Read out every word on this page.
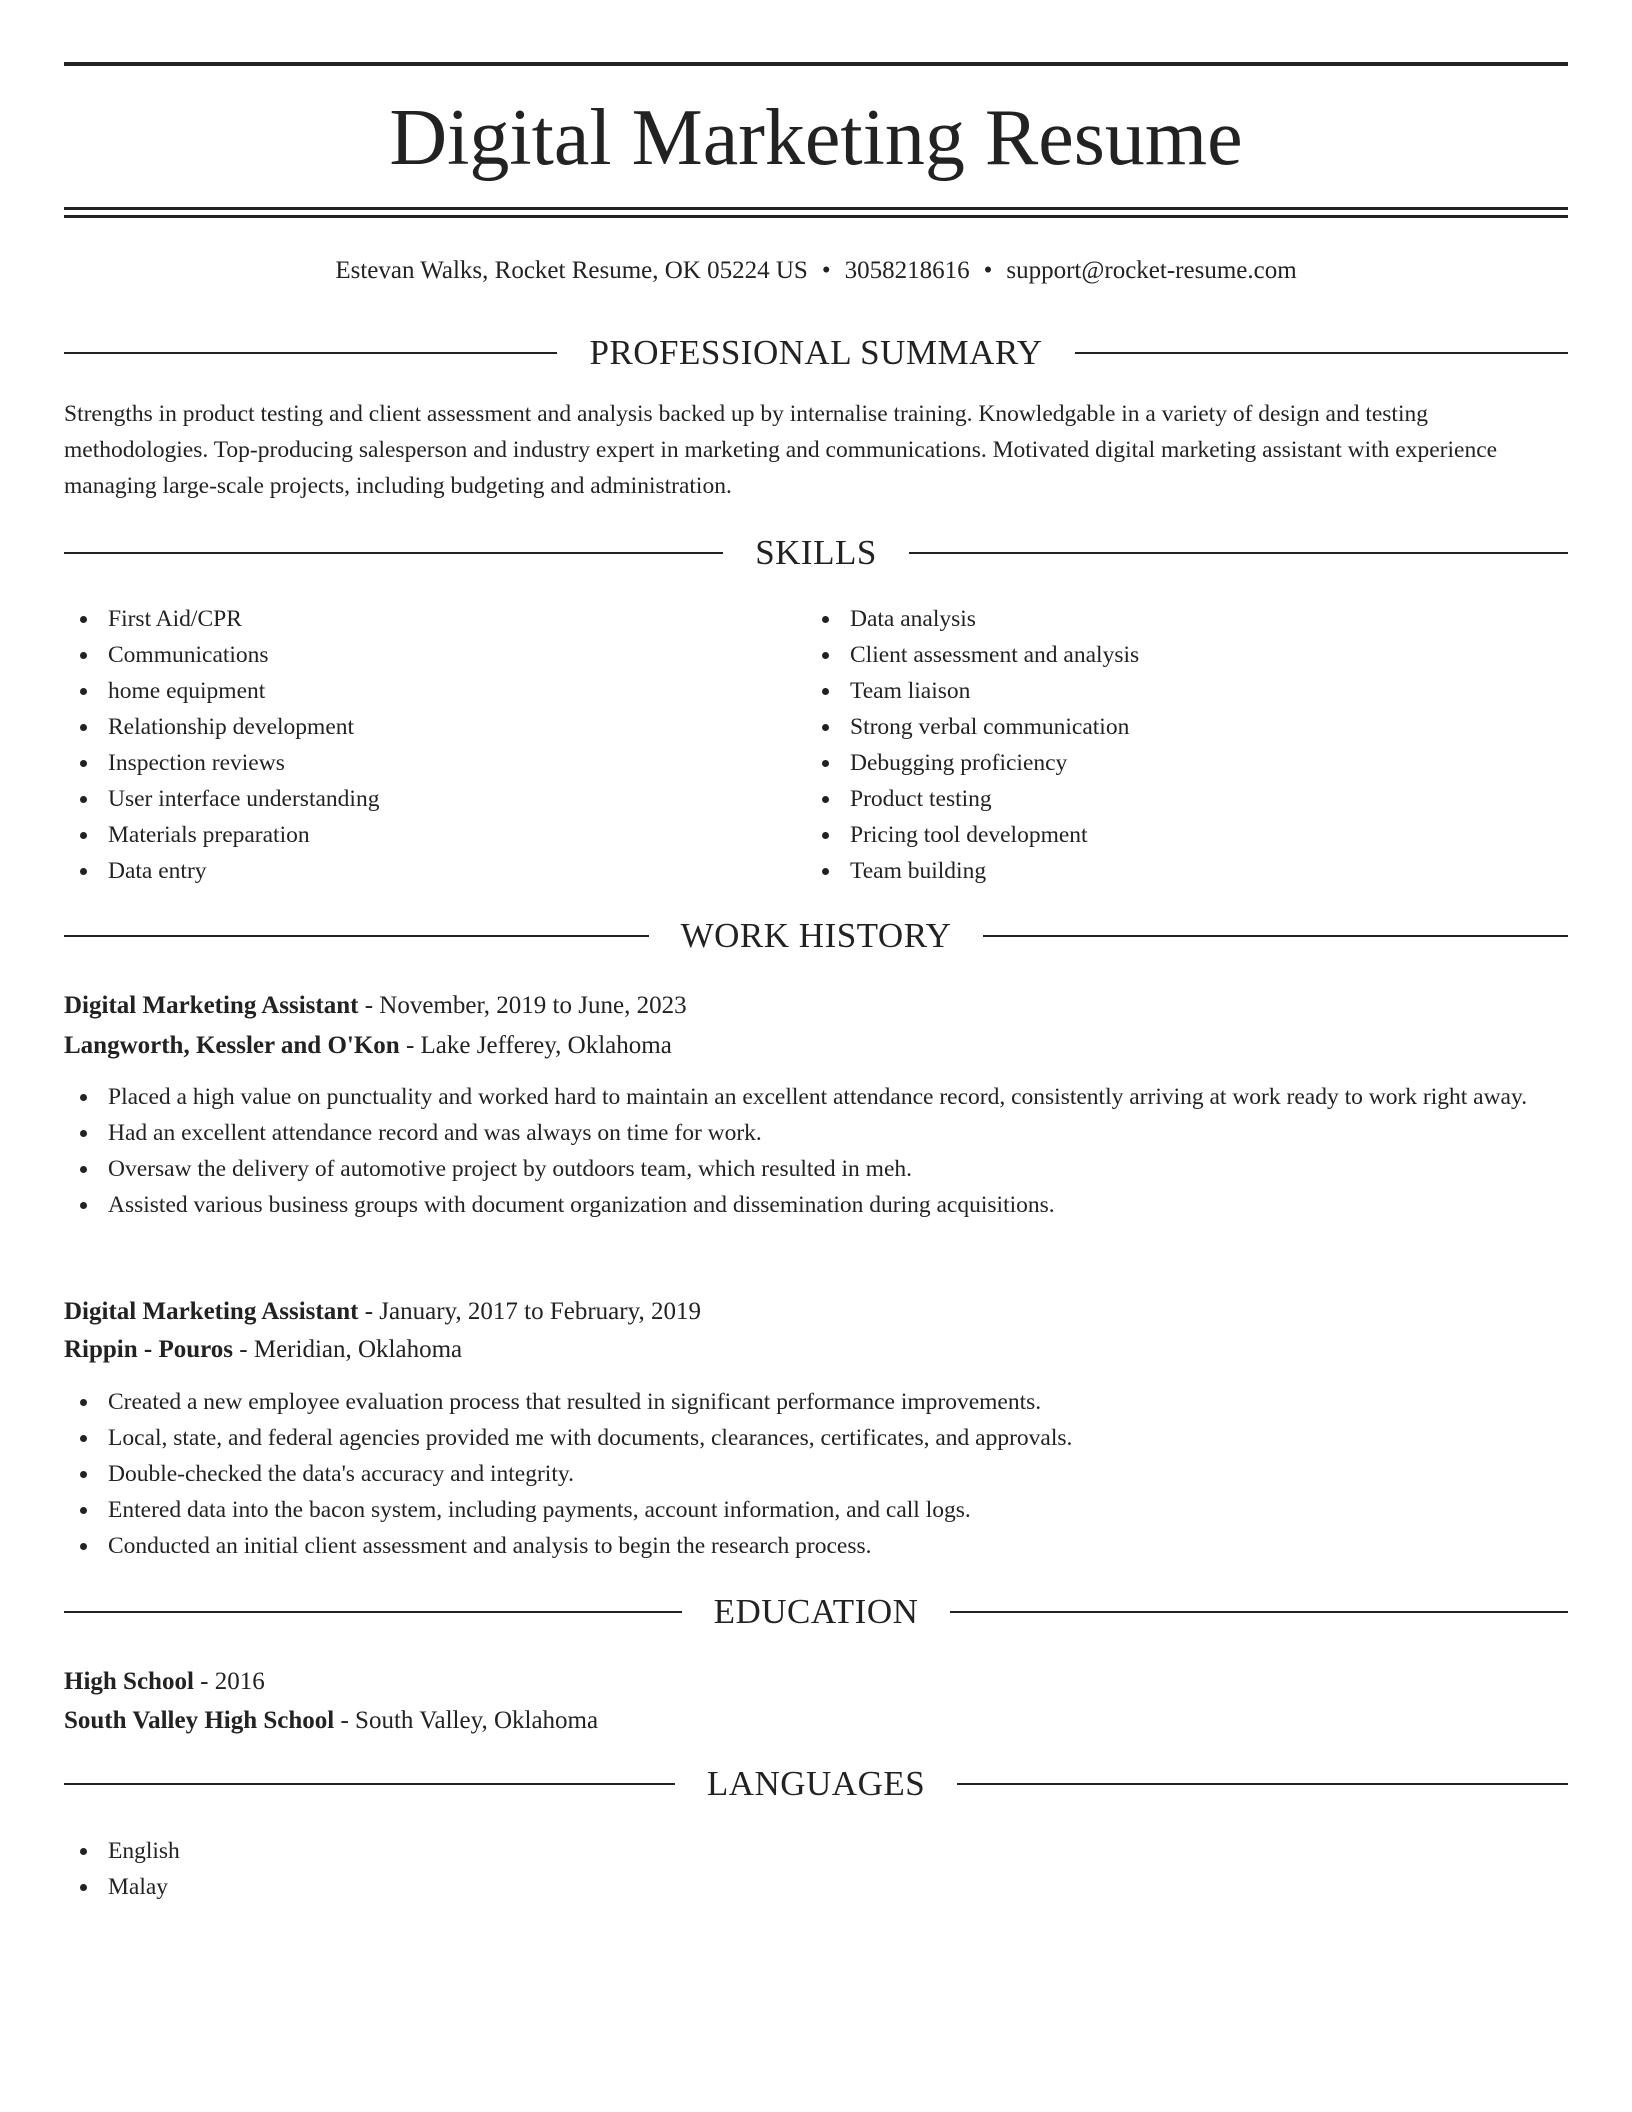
Digital Marketing Resume
Estevan Walks, Rocket Resume, OK 05224 US • 3058218616 • support@rocket-resume.com
PROFESSIONAL SUMMARY
Strengths in product testing and client assessment and analysis backed up by internalise training. Knowledgable in a variety of design and testing methodologies. Top-producing salesperson and industry expert in marketing and communications. Motivated digital marketing assistant with experience managing large-scale projects, including budgeting and administration.
SKILLS
First Aid/CPR
Communications
home equipment
Relationship development
Inspection reviews
User interface understanding
Materials preparation
Data entry
Data analysis
Client assessment and analysis
Team liaison
Strong verbal communication
Debugging proficiency
Product testing
Pricing tool development
Team building
WORK HISTORY
Digital Marketing Assistant - November, 2019 to June, 2023
Langworth, Kessler and O'Kon - Lake Jefferey, Oklahoma
Placed a high value on punctuality and worked hard to maintain an excellent attendance record, consistently arriving at work ready to work right away.
Had an excellent attendance record and was always on time for work.
Oversaw the delivery of automotive project by outdoors team, which resulted in meh.
Assisted various business groups with document organization and dissemination during acquisitions.
Digital Marketing Assistant - January, 2017 to February, 2019
Rippin - Pouros - Meridian, Oklahoma
Created a new employee evaluation process that resulted in significant performance improvements.
Local, state, and federal agencies provided me with documents, clearances, certificates, and approvals.
Double-checked the data's accuracy and integrity.
Entered data into the bacon system, including payments, account information, and call logs.
Conducted an initial client assessment and analysis to begin the research process.
EDUCATION
High School - 2016
South Valley High School - South Valley, Oklahoma
LANGUAGES
English
Malay
